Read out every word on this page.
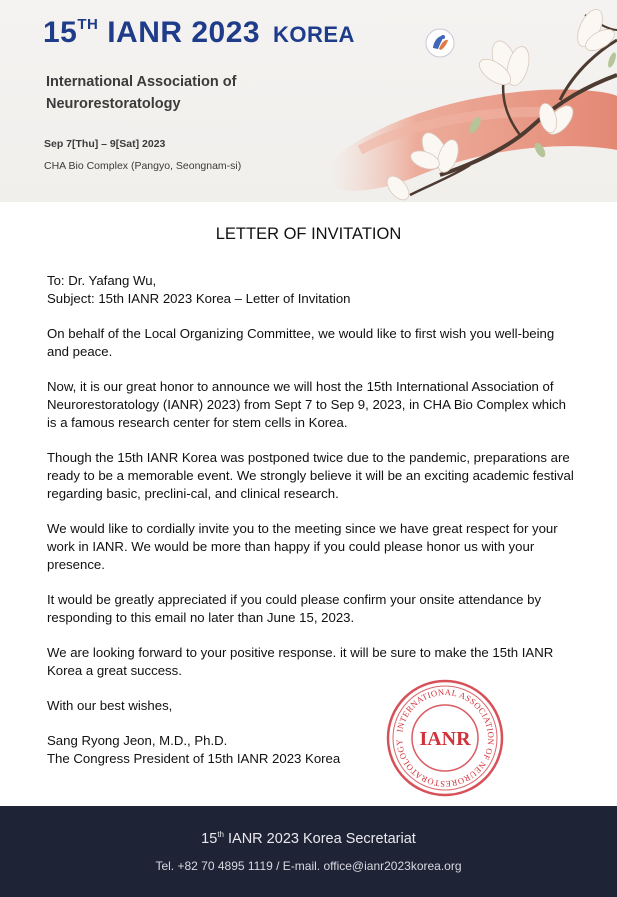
15TH IANR 2023 KOREA
International Association of
Neurorestoratology
Sep 7[Thu] – 9[Sat] 2023
CHA Bio Complex (Pangyo, Seongnam-si)
LETTER OF INVITATION

To: Dr. Yafang Wu,
Subject: 15th IANR 2023 Korea – Letter of Invitation

On behalf of the Local Organizing Committee, we would like to first wish you well-being and peace.

Now, it is our great honor to announce we will host the 15th International Association of Neurorestoratology (IANR) 2023) from Sept 7 to Sep 9, 2023, in CHA Bio Complex which is a famous research center for stem cells in Korea.

Though the 15th IANR Korea was postponed twice due to the pandemic, preparations are ready to be a memorable event. We strongly believe it will be an exciting academic festival regarding basic, preclini-cal, and clinical research.

We would like to cordially invite you to the meeting since we have great respect for your work in IANR. We would be more than happy if you could please honor us with your presence.

It would be greatly appreciated if you could please confirm your onsite attendance by responding to this email no later than June 15, 2023.

We are looking forward to your positive response. it will be sure to make the 15th IANR Korea a great success.

With our best wishes,

Sang Ryong Jeon, M.D., Ph.D.
The Congress President of 15th IANR 2023 Korea

INTERNATIONAL ASSOCIATION OF NEURORESTORATOLOGY IANR
15th IANR 2023 Korea Secretariat
Tel. +82 70 4895 1119 / E-mail. office@ianr2023korea.org
